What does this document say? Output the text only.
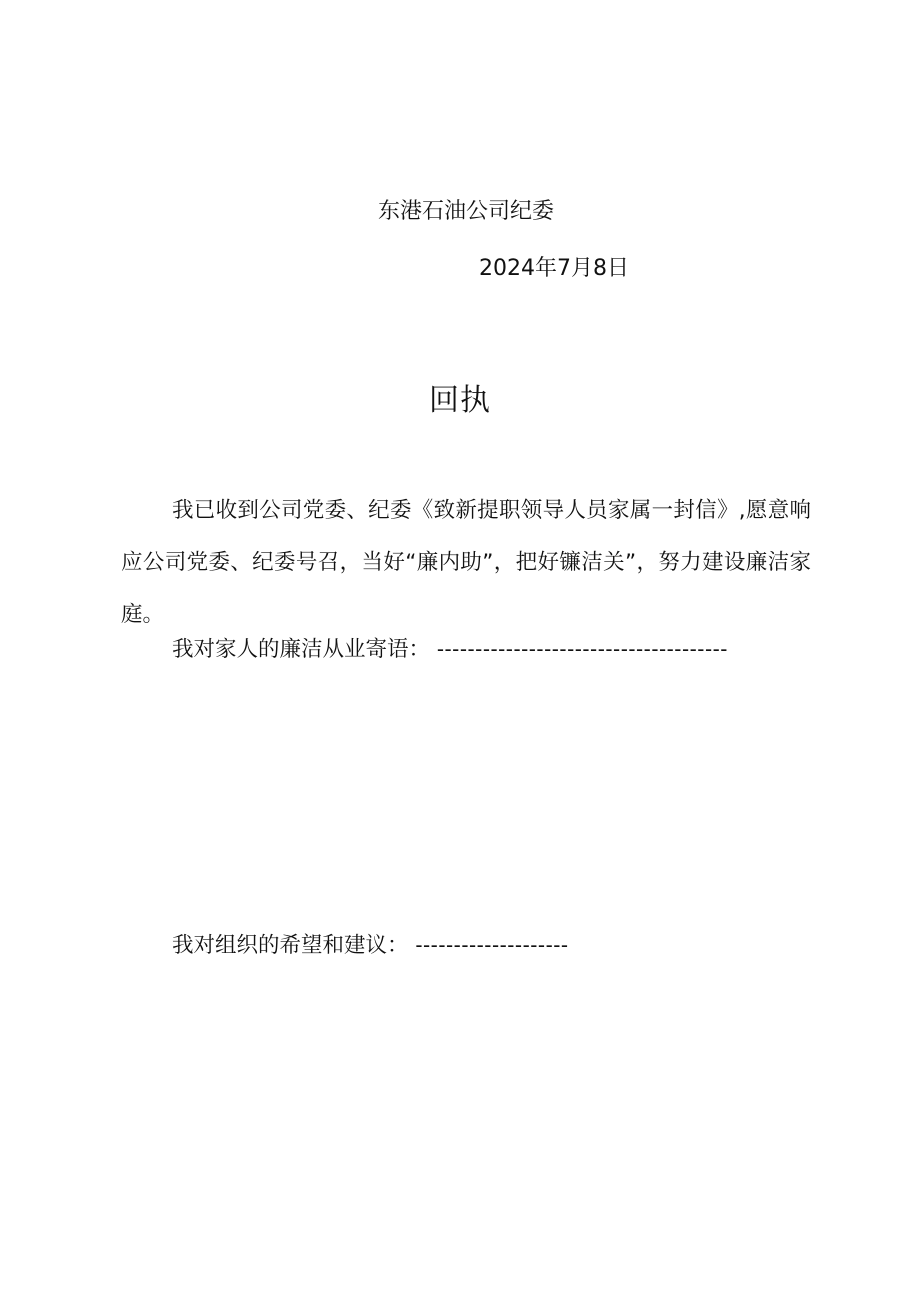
东港石油公司纪委
2024年7月8日
回执

我已收到公司党委、纪委《致新提职领导人员家属一封信》,愿意响应公司党委、纪委号召，当好“廉内助”，把好镰洁关”，努力建设廉洁家庭。

我对家人的廉洁从业寄语： --------------------------------------
我对组织的希望和建议： --------------------
